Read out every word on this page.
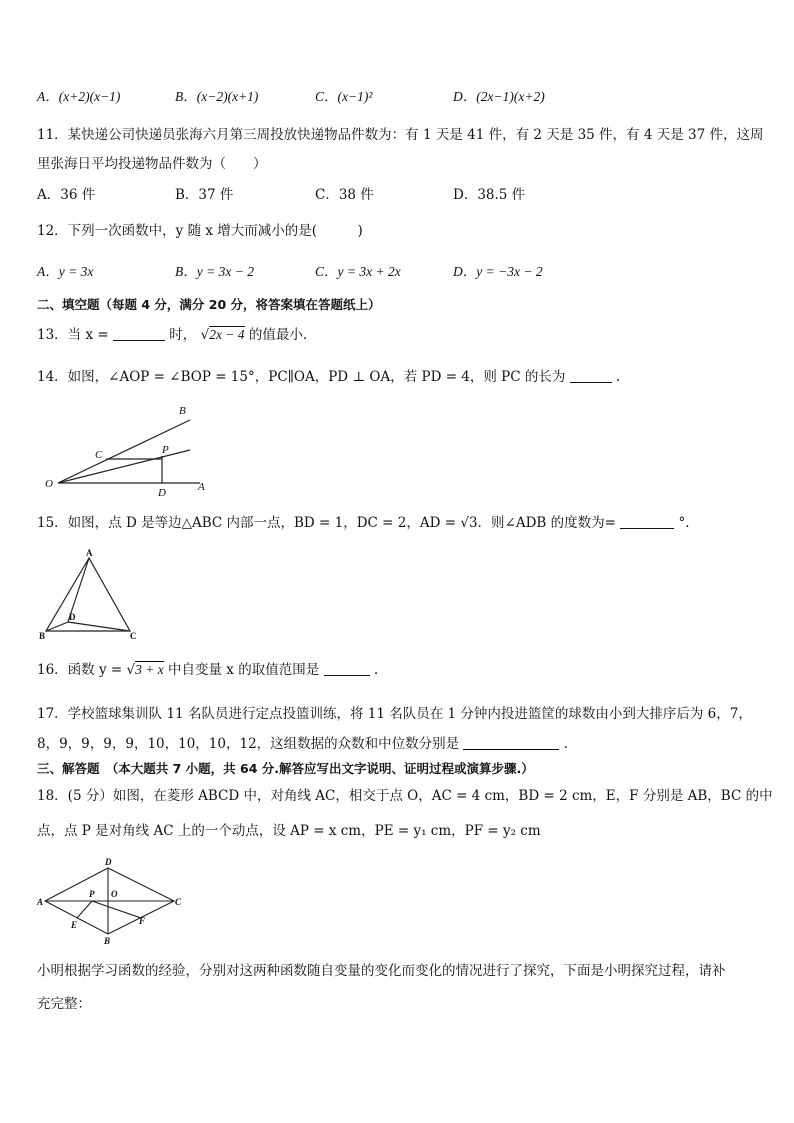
A．(x+2)(x−1)	B．(x−2)(x+1)	C．(x−1)²	D．(2x−1)(x+2)
11．某快递公司快递员张海六月第三周投放快递物品件数为：有 1 天是 41 件，有 2 天是 35 件，有 4 天是 37 件，这周
里张海日平均投递物品件数为（　　）
A．36 件	B．37 件	C．38 件	D．38.5 件
12．下列一次函数中，y 随 x 增大而减小的是(　　　)
A．y = 3x	B．y = 3x − 2	C．y = 3x + 2x	D．y = −3x − 2
二、填空题（每题 4 分，满分 20 分，将答案填在答题纸上）
13．当 x =	时， √2x − 4 的值最小.
14．如图，∠AOP = ∠BOP = 15°，PC∥OA，PD ⊥ OA，若 PD = 4，则 PC 的长为	.
B
C	P
O
D	A
15．如图，点 D 是等边△ABC 内部一点，BD = 1，DC = 2，AD = √3．则∠ADB 的度数为=	°.
A
B	C
D
16．函数 y = √3 + x 中自变量 x 的取值范围是	.
17．学校篮球集训队 11 名队员进行定点投篮训练，将 11 名队员在 1 分钟内投进篮筐的球数由小到大排序后为 6，7，
8，9，9，9，9，10，10，10，12，这组数据的众数和中位数分别是	.
三、解答题　（本大题共 7 小题，共 64 分.解答应写出文字说明、证明过程或演算步骤.）
18．(5 分）如图，在菱形 ABCD 中，对角线 AC，相交于点 O，AC = 4 cm，BD = 2 cm，E，F 分别是 AB，BC 的中
点，点 P 是对角线 AC 上的一个动点，设 AP = x cm，PE = y₁ cm，PF = y₂ cm
D
A
P O
C
E	F
B
小明根据学习函数的经验，分别对这两种函数随自变量的变化而变化的情况进行了探究，下面是小明探究过程，请补
充完整：
